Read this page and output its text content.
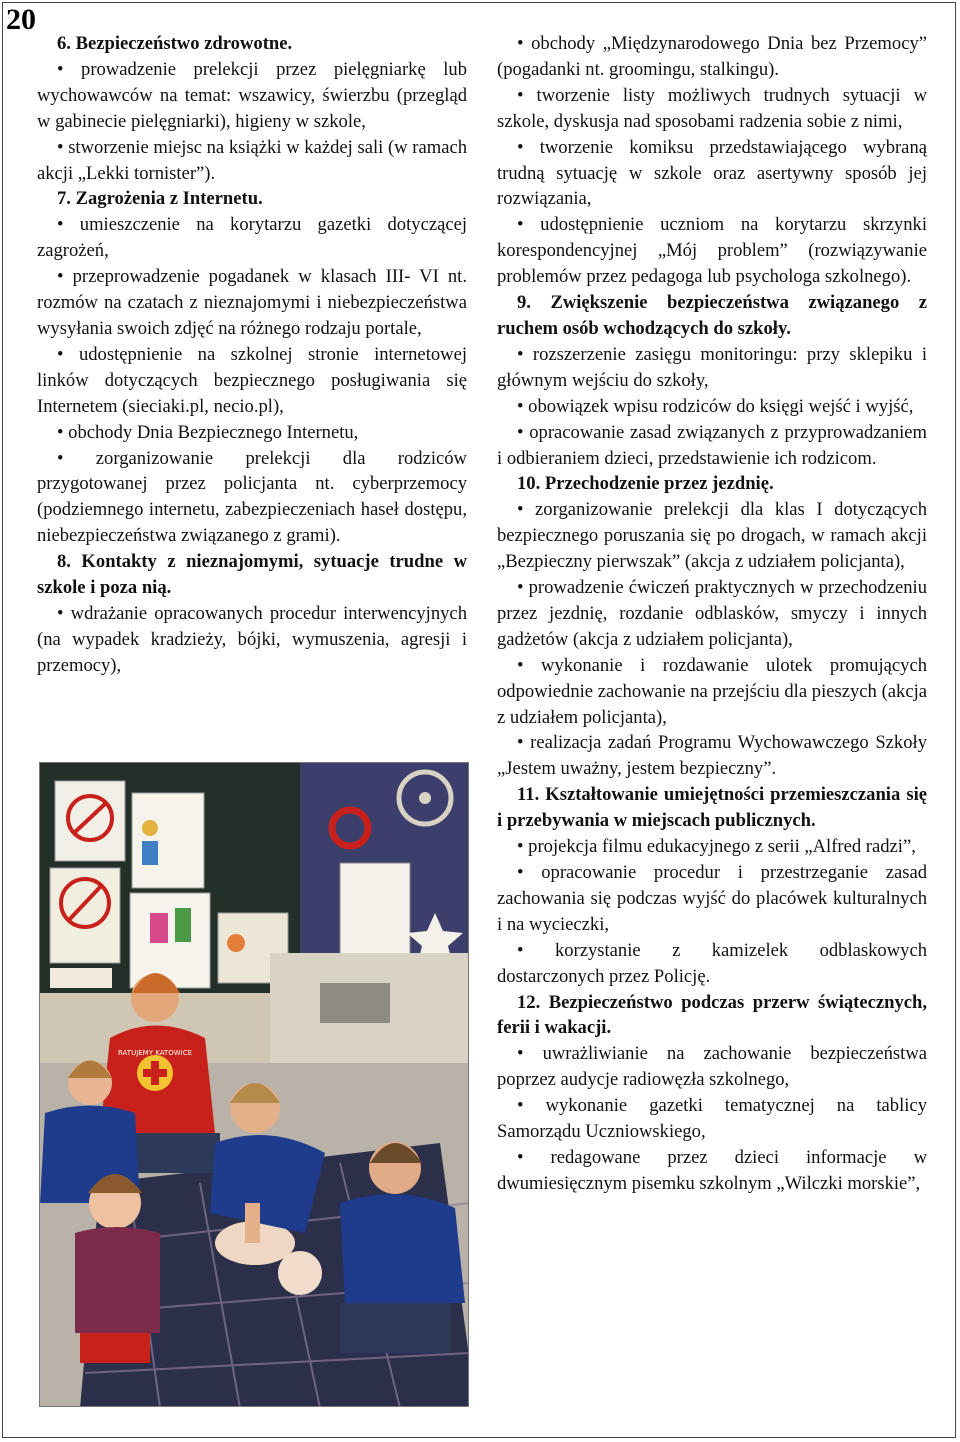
20

6. Bezpieczeństwo zdrowotne.

• prowadzenie prelekcji przez pielęgniarkę lub wychowawców na temat: wszawicy, świerzbu (przegląd w gabinecie pielęgniarki), higieny w szkole,

• stworzenie miejsc na książki w każdej sali (w ramach akcji „Lekki tornister”).

7. Zagrożenia z Internetu.

• umieszczenie na korytarzu gazetki dotyczącej zagrożeń,

• przeprowadzenie pogadanek w klasach III- VI nt. rozmów na czatach z nieznajomymi i niebezpieczeństwa wysyłania swoich zdjęć na różnego rodzaju portale,

• udostępnienie na szkolnej stronie internetowej linków dotyczących bezpiecznego posługiwania się Internetem (sieciaki.pl, necio.pl),

• obchody Dnia Bezpiecznego Internetu,

• zorganizowanie prelekcji dla rodziców przygotowanej przez policjanta nt. cyberprzemocy (podziemnego internetu, zabezpieczeniach haseł dostępu, niebezpieczeństwa związanego z grami).

8. Kontakty z nieznajomymi, sytuacje trudne w szkole i poza nią.

• wdrażanie opracowanych procedur interwencyjnych (na wypadek kradzieży, bójki, wymuszenia, agresji i przemocy),

RATUJEMY KATOWICE

• obchody „Międzynarodowego Dnia bez Przemocy” (pogadanki nt. groomingu, stalkingu).

• tworzenie listy możliwych trudnych sytuacji w szkole, dyskusja nad sposobami radzenia sobie z nimi,

• tworzenie komiksu przedstawiającego wybraną trudną sytuację w szkole oraz asertywny sposób jej rozwiązania,

• udostępnienie uczniom na korytarzu skrzynki korespondencyjnej „Mój problem” (rozwiązywanie problemów przez pedagoga lub psychologa szkolnego).

9. Zwiększenie bezpieczeństwa związanego z ruchem osób wchodzących do szkoły.

• rozszerzenie zasięgu monitoringu: przy sklepiku i głównym wejściu do szkoły,

• obowiązek wpisu rodziców do księgi wejść i wyjść,

• opracowanie zasad związanych z przyprowadzaniem i odbieraniem dzieci, przedstawienie ich rodzicom.

10. Przechodzenie przez jezdnię.

• zorganizowanie prelekcji dla klas I dotyczących bezpiecznego poruszania się po drogach, w ramach akcji „Bezpieczny pierwszak” (akcja z udziałem policjanta),

• prowadzenie ćwiczeń praktycznych w przechodzeniu przez jezdnię, rozdanie odblasków, smyczy i innych gadżetów (akcja z udziałem policjanta),

• wykonanie i rozdawanie ulotek promujących odpowiednie zachowanie na przejściu dla pieszych (akcja z udziałem policjanta),

• realizacja zadań Programu Wychowawczego Szkoły „Jestem uważny, jestem bezpieczny”.

11. Kształtowanie umiejętności przemieszczania się i przebywania w miejscach publicznych.

• projekcja filmu edukacyjnego z serii „Alfred radzi”,

• opracowanie procedur i przestrzeganie zasad zachowania się podczas wyjść do placówek kulturalnych i na wycieczki,

• korzystanie z kamizelek odblaskowych dostarczonych przez Policję.

12. Bezpieczeństwo podczas przerw świątecznych, ferii i wakacji.

• uwrażliwianie na zachowanie bezpieczeństwa poprzez audycje radiowęzła szkolnego,

• wykonanie gazetki tematycznej na tablicy Samorządu Uczniowskiego,

• redagowane przez dzieci informacje w dwumiesięcznym pisemku szkolnym „Wilczki morskie”,
